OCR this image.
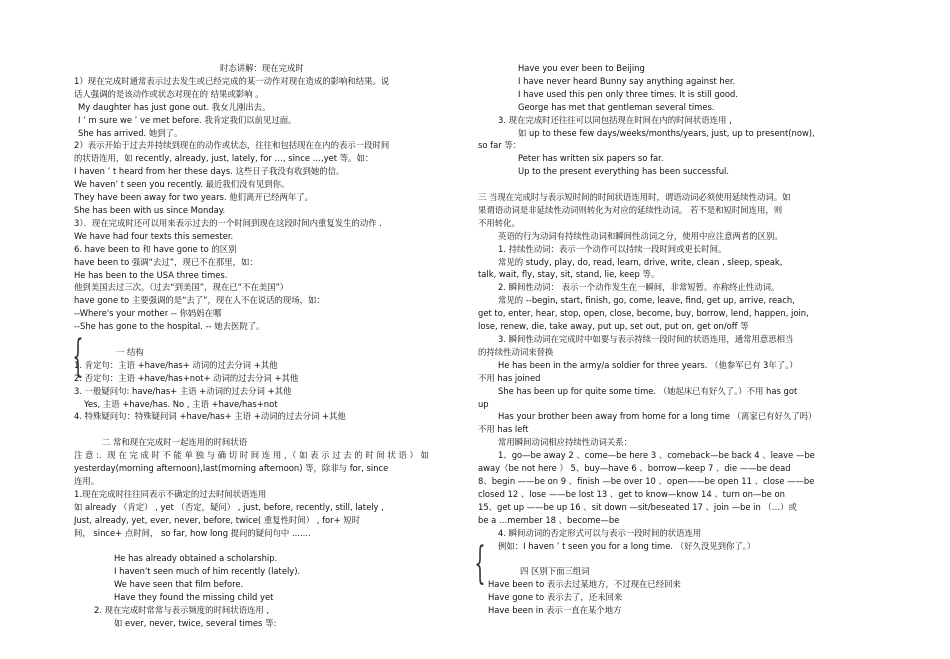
时态讲解：现在完成时
1）现在完成时通常表示过去发生或已经完成的某一动作对现在造成的影响和结果。说
话人强调的是该动作或状态对现在的 结果或影响 。
My daughter has just gone out. 我女儿刚出去。
I ’ m sure we ’ ve met before. 我肯定我们以前见过面。
She has arrived. 她到了。
2）表示开始于过去并持续到现在的动作或状态，往往和包括现在在内的表示一段时间
的状语连用，如 recently, already, just, lately, for …, since …,yet 等。如：
I haven ’ t heard from her these days. 这些日子我没有收到她的信。
We haven’ t seen you recently. 最近我们没有见到你。
They have been away for two years. 他们离开已经两年了。
She has been with us since Monday.
3）．现在完成时还可以用来表示过去的一个时间到现在这段时间内重复发生的动作 .
We have had four texts this semester.
6. have been to 和 have gone to 的区别
have been to 强调“去过”，现已不在那里，如：
He has been to the USA three times.
他到美国去过三次。（过去“到美国”，现在已“不在美国”）
have gone to 主要强调的是“去了”，现在人不在说话的现场，如：
--Where's your mother -- 你妈妈在哪
--She has gone to the hospital. -- 她去医院了。
一 结构
1. 肯定句：主语 +have/has+ 动词的过去分词 +其他
2. 否定句：主语 +have/has+not+ 动词的过去分词 +其他
3. 一般疑问句: have/has+ 主语 +动词的过去分词 +其他
Yes, 主语 +have/has. No , 主语 +have/has+not
4. 特殊疑问句：特殊疑问词 +have/has+ 主语 +动词的过去分词 +其他
二 常和现在完成时一起连用的时间状语
注 意 :．现 在 完 成 时 不 能 单 独 与 确 切 时 间 连 用 ，（ 如 表 示 过 去 的 时 间 状 语 ） 如
yesterday(morning afternoon),last(morning afternoon) 等，除非与 for, since
连用。
1.现在完成时往往同表示不确定的过去时间状语连用
如 already （肯定） , yet （否定，疑问） , just, before, recently, still, lately ,
Just, already, yet, ever, never, before, twice( 重复性时间） , for+ 短时
间， since+ 点时间， so far, how long 提问的疑问句中 .......
He has already obtained a scholarship.
I haven't seen much of him recently (lately).
We have seen that film before.
Have they found the missing child yet
2. 现在完成时常常与表示频度的时间状语连用 ,
如 ever, never, twice, several times 等:
Have you ever been to Beijing
I have never heard Bunny say anything against her.
I have used this pen only three times. It is still good.
George has met that gentleman several times.
3. 现在完成时还往往可以同包括现在时间在内的时间状语连用 ,
如 up to these few days/weeks/months/years, just, up to present(now),
so far 等：
Peter has written six papers so far.
Up to the present everything has been successful.
三 当现在完成时与表示短时间的时间状语连用时，谓语动词必须使用延续性动词。如
果谓语动词是非延续性动词则转化为对应的延续性动词。 若不是和短时间连用，则
不用转化。
英语的行为动词有持续性动词和瞬间性动词之分，使用中应注意两者的区别。
1. 持续性动词：表示一个动作可以持续一段时间或更长时间。
常见的 study, play, do, read, learn, drive, write, clean , sleep, speak,
talk, wait, fly, stay, sit, stand, lie, keep 等。
2. 瞬间性动词： 表示一个动作发生在一瞬间，非常短暂。亦称终止性动词。
常见的 --begin, start, finish, go, come, leave, find, get up, arrive, reach,
get to, enter, hear, stop, open, close, become, buy, borrow, lend, happen, join,
lose, renew, die, take away, put up, set out, put on, get on/off 等
3. 瞬间性动词在完成时中如要与表示持续一段时间的状语连用，通常用意思相当
的持续性动词来替换
He has been in the army/a soldier for three years. （他参军已有 3年了。）
不用 has joined
She has been up for quite some time. （她起床已有好久了。）不用 has got
up
Has your brother been away from home for a long time （离家已有好久了吗）
不用 has left
常用瞬间动词相应持续性动词关系：
1、go—be away 2 、come—be here 3 、comeback—be back 4 、leave —be
away（be not here ） 5、buy—have 6 、borrow—keep 7 、die ——be dead
8、begin ——be on 9 、finish —be over 10 、open——be open 11 、close ——be
closed 12 、lose ——be lost 13 、get to know—know 14 、turn on—be on
15、get up ——be up 16 、sit down —sit/beseated 17 、join —be in （…）或
be a …member 18 、become—be
4. 瞬间动词的否定形式可以与表示一段时间的状语连用
例如：I haven ’ t seen you for a long time. （好久没见到你了。）
四 区别下面三组词
Have been to 表示去过某地方，不过现在已经回来
Have gone to 表示去了，还未回来
Have been in 表示一直在某个地方
{
{
